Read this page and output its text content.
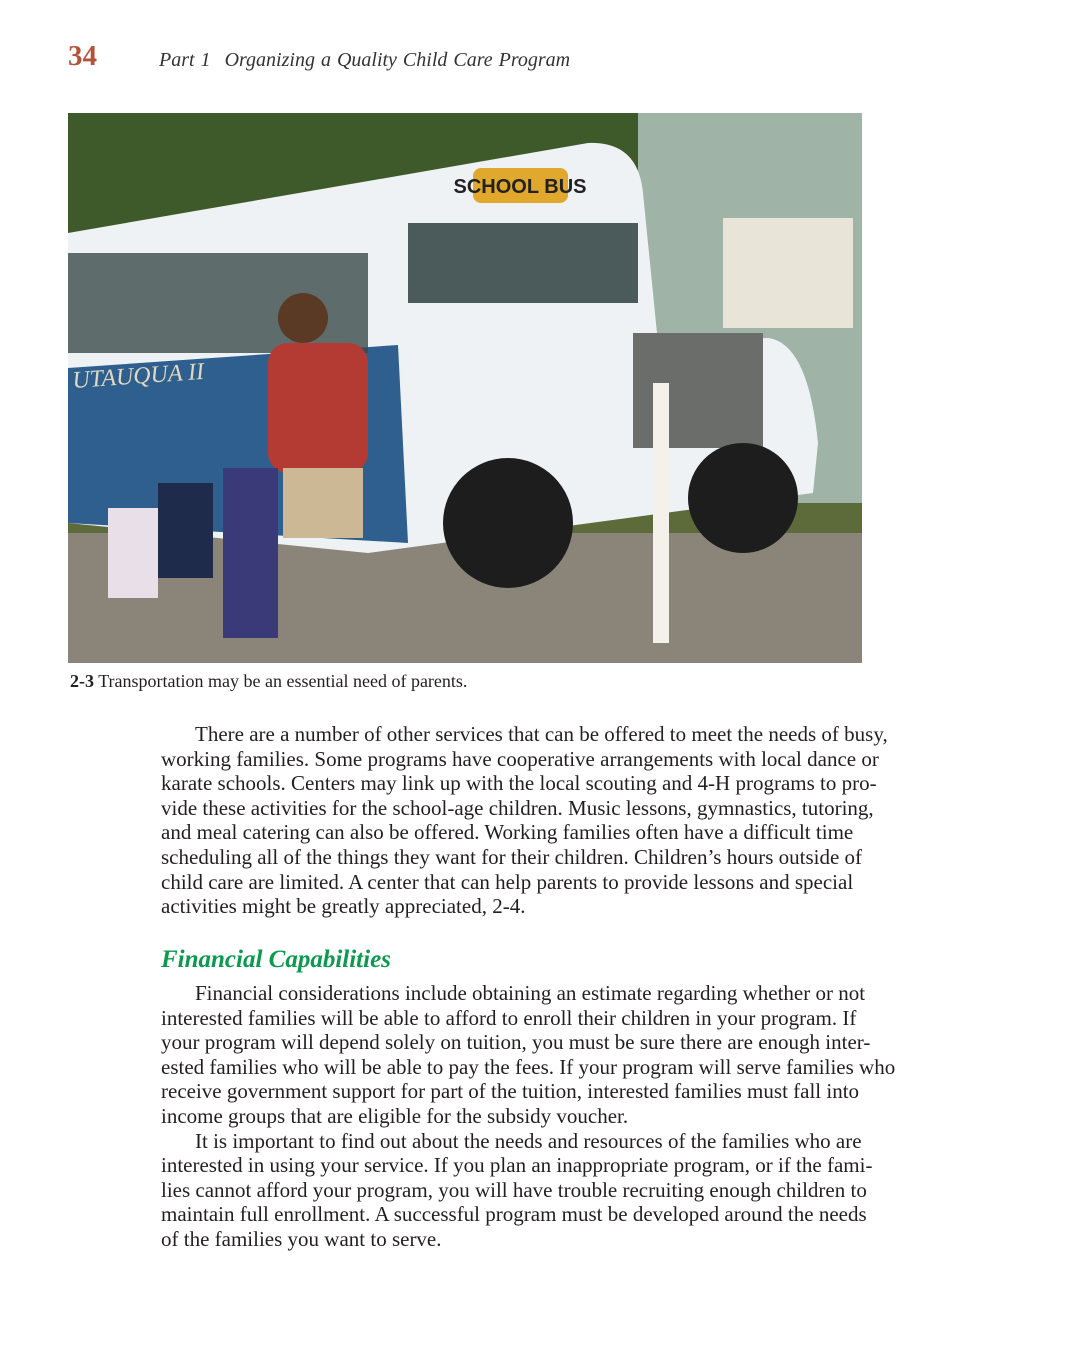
34	Part 1 Organizing a Quality Child Care Program
SCHOOL BUS
UTAUQUA II
2-3 Transportation may be an essential need of parents.
There are a number of other services that can be offered to meet the needs of busy,
working families. Some programs have cooperative arrangements with local dance or
karate schools. Centers may link up with the local scouting and 4-H programs to pro-
vide these activities for the school-age children. Music lessons, gymnastics, tutoring,
and meal catering can also be offered. Working families often have a difficult time
scheduling all of the things they want for their children. Children’s hours outside of
child care are limited. A center that can help parents to provide lessons and special
activities might be greatly appreciated, 2-4.
Financial Capabilities
Financial considerations include obtaining an estimate regarding whether or not
interested families will be able to afford to enroll their children in your program. If
your program will depend solely on tuition, you must be sure there are enough inter-
ested families who will be able to pay the fees. If your program will serve families who
receive government support for part of the tuition, interested families must fall into
income groups that are eligible for the subsidy voucher.
It is important to find out about the needs and resources of the families who are
interested in using your service. If you plan an inappropriate program, or if the fami-
lies cannot afford your program, you will have trouble recruiting enough children to
maintain full enrollment. A successful program must be developed around the needs
of the families you want to serve.
